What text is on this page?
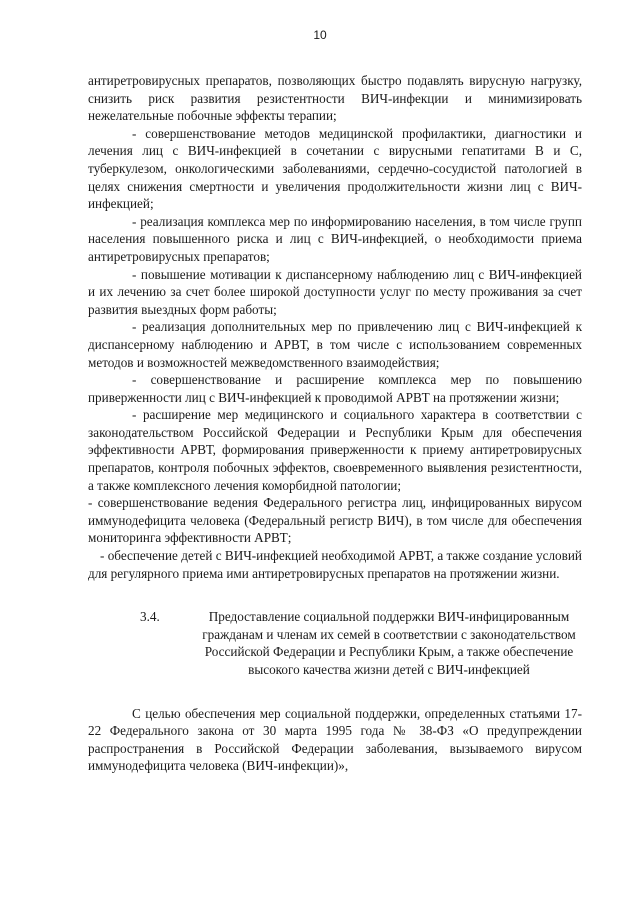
10

антиретровирусных препаратов, позволяющих быстро подавлять вирусную нагрузку, снизить риск развития резистентности ВИЧ-инфекции и минимизировать нежелательные побочные эффекты терапии;

- совершенствование методов медицинской профилактики, диагностики и лечения лиц с ВИЧ-инфекцией в сочетании с вирусными гепатитами В и С, туберкулезом, онкологическими заболеваниями, сердечно-сосудистой патологией в целях снижения смертности и увеличения продолжительности жизни лиц с ВИЧ-инфекцией;

- реализация комплекса мер по информированию населения, в том числе групп населения повышенного риска и лиц с ВИЧ-инфекцией, о необходимости приема антиретровирусных препаратов;

- повышение мотивации к диспансерному наблюдению лиц с ВИЧ-инфекцией и их лечению за счет более широкой доступности услуг по месту проживания за счет развития выездных форм работы;

- реализация дополнительных мер по привлечению лиц с ВИЧ-инфекцией к диспансерному наблюдению и АРВТ, в том числе с использованием современных методов и возможностей межведомственного взаимодействия;

- совершенствование и расширение комплекса мер по повышению приверженности лиц с ВИЧ-инфекцией к проводимой АРВТ на протяжении жизни;

- расширение мер медицинского и социального характера в соответствии с законодательством Российской Федерации и Республики Крым для обеспечения эффективности АРВТ, формирования приверженности к приему антиретровирусных препаратов, контроля побочных эффектов, своевременного выявления резистентности, а также комплексного лечения коморбидной патологии;

- совершенствование ведения Федерального регистра лиц, инфицированных вирусом иммунодефицита человека (Федеральный регистр ВИЧ), в том числе для обеспечения мониторинга эффективности АРВТ;

- обеспечение детей с ВИЧ-инфекцией необходимой АРВТ, а также создание условий для регулярного приема ими антиретровирусных препаратов на протяжении жизни.

3.4.	Предоставление социальной поддержки ВИЧ-инфицированным гражданам и членам их семей в соответствии с законодательством Российской Федерации и Республики Крым, а также обеспечение высокого качества жизни детей с ВИЧ-инфекцией

С целью обеспечения мер социальной поддержки, определенных статьями 17-22 Федерального закона от 30 марта 1995 года № 38-ФЗ «О предупреждении распространения в Российской Федерации заболевания, вызываемого вирусом иммунодефицита человека (ВИЧ-инфекции)»,
